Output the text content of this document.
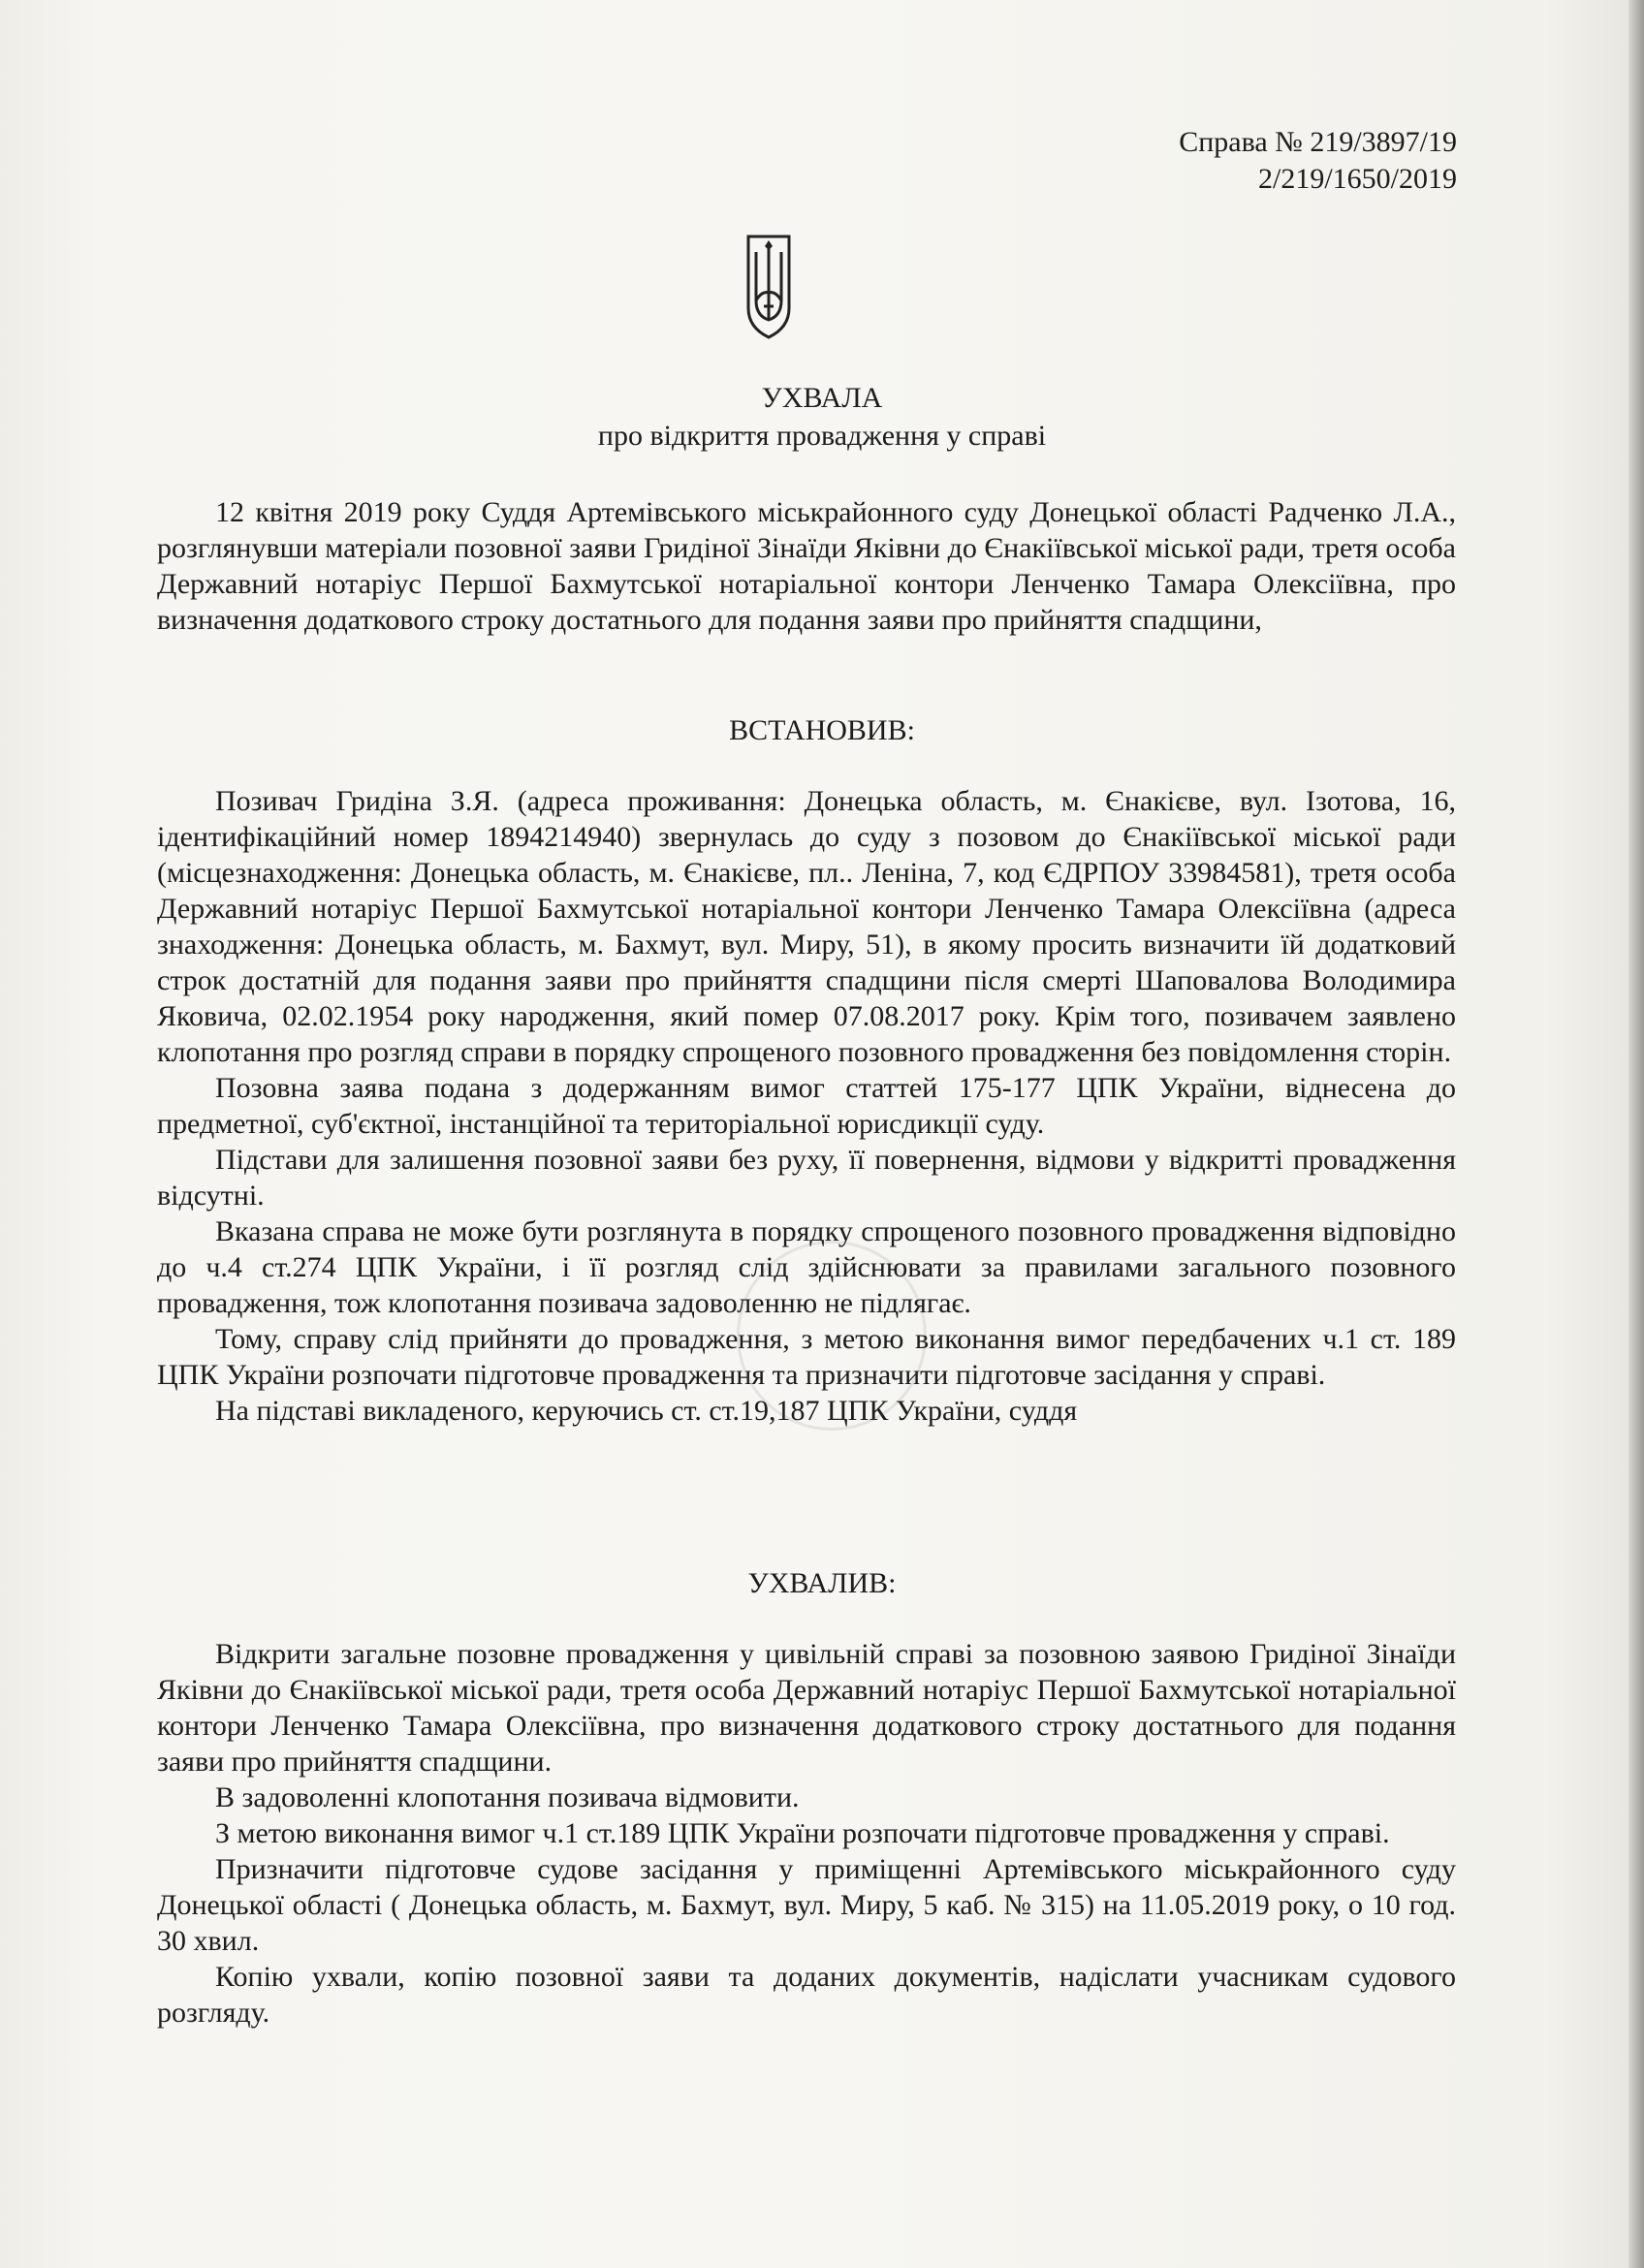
Справа № 219/3897/19
2/219/1650/2019
УХВАЛА
про відкриття провадження у справі

12 квітня 2019 року Суддя Артемівського міськрайонного суду Донецької області Радченко Л.А., розглянувши матеріали позовної заяви Гридіної Зінаїди Яківни до Єнакіївської міської ради, третя особа Державний нотаріус Першої Бахмутської нотаріальної контори Ленченко Тамара Олексіївна, про визначення додаткового строку достатнього для подання заяви про прийняття спадщини,

ВСТАНОВИВ:

Позивач Гридіна З.Я. (адреса проживання: Донецька область, м. Єнакієве, вул. Ізотова, 16, ідентифікаційний номер 1894214940) звернулась до суду з позовом до Єнакіївської міської ради (місцезнаходження: Донецька область, м. Єнакієве, пл.. Леніна, 7, код ЄДРПОУ 33984581), третя особа Державний нотаріус Першої Бахмутської нотаріальної контори Ленченко Тамара Олексіївна (адреса знаходження: Донецька область, м. Бахмут, вул. Миру, 51), в якому просить визначити їй додатковий строк достатній для подання заяви про прийняття спадщини після смерті Шаповалова Володимира Яковича, 02.02.1954 року народження, який помер 07.08.2017 року. Крім того, позивачем заявлено клопотання про розгляд справи в порядку спрощеного позовного провадження без повідомлення сторін.

Позовна заява подана з додержанням вимог статтей 175-177 ЦПК України, віднесена до предметної, суб'єктної, інстанційної та територіальної юрисдикції суду.

Підстави для залишення позовної заяви без руху, її повернення, відмови у відкритті провадження відсутні.

Вказана справа не може бути розглянута в порядку спрощеного позовного провадження відповідно до ч.4 ст.274 ЦПК України, і її розгляд слід здійснювати за правилами загального позовного провадження, тож клопотання позивача задоволенню не підлягає.

Тому, справу слід прийняти до провадження, з метою виконання вимог передбачених ч.1 ст. 189 ЦПК України розпочати підготовче провадження та призначити підготовче засідання у справі.

На підставі викладеного, керуючись ст. ст.19,187 ЦПК України, суддя

УХВАЛИВ:

Відкрити загальне позовне провадження у цивільній справі за позовною заявою Гридіної Зінаїди Яківни до Єнакіївської міської ради, третя особа Державний нотаріус Першої Бахмутської нотаріальної контори Ленченко Тамара Олексіївна, про визначення додаткового строку достатнього для подання заяви про прийняття спадщини.

В задоволенні клопотання позивача відмовити.

З метою виконання вимог ч.1 ст.189 ЦПК України розпочати підготовче провадження у справі.

Призначити підготовче судове засідання у приміщенні Артемівського міськрайонного суду Донецької області ( Донецька область, м. Бахмут, вул. Миру, 5 каб. № 315) на 11.05.2019 року, о 10 год. 30 хвил.

Копію ухвали, копію позовної заяви та доданих документів, надіслати учасникам судового розгляду.
